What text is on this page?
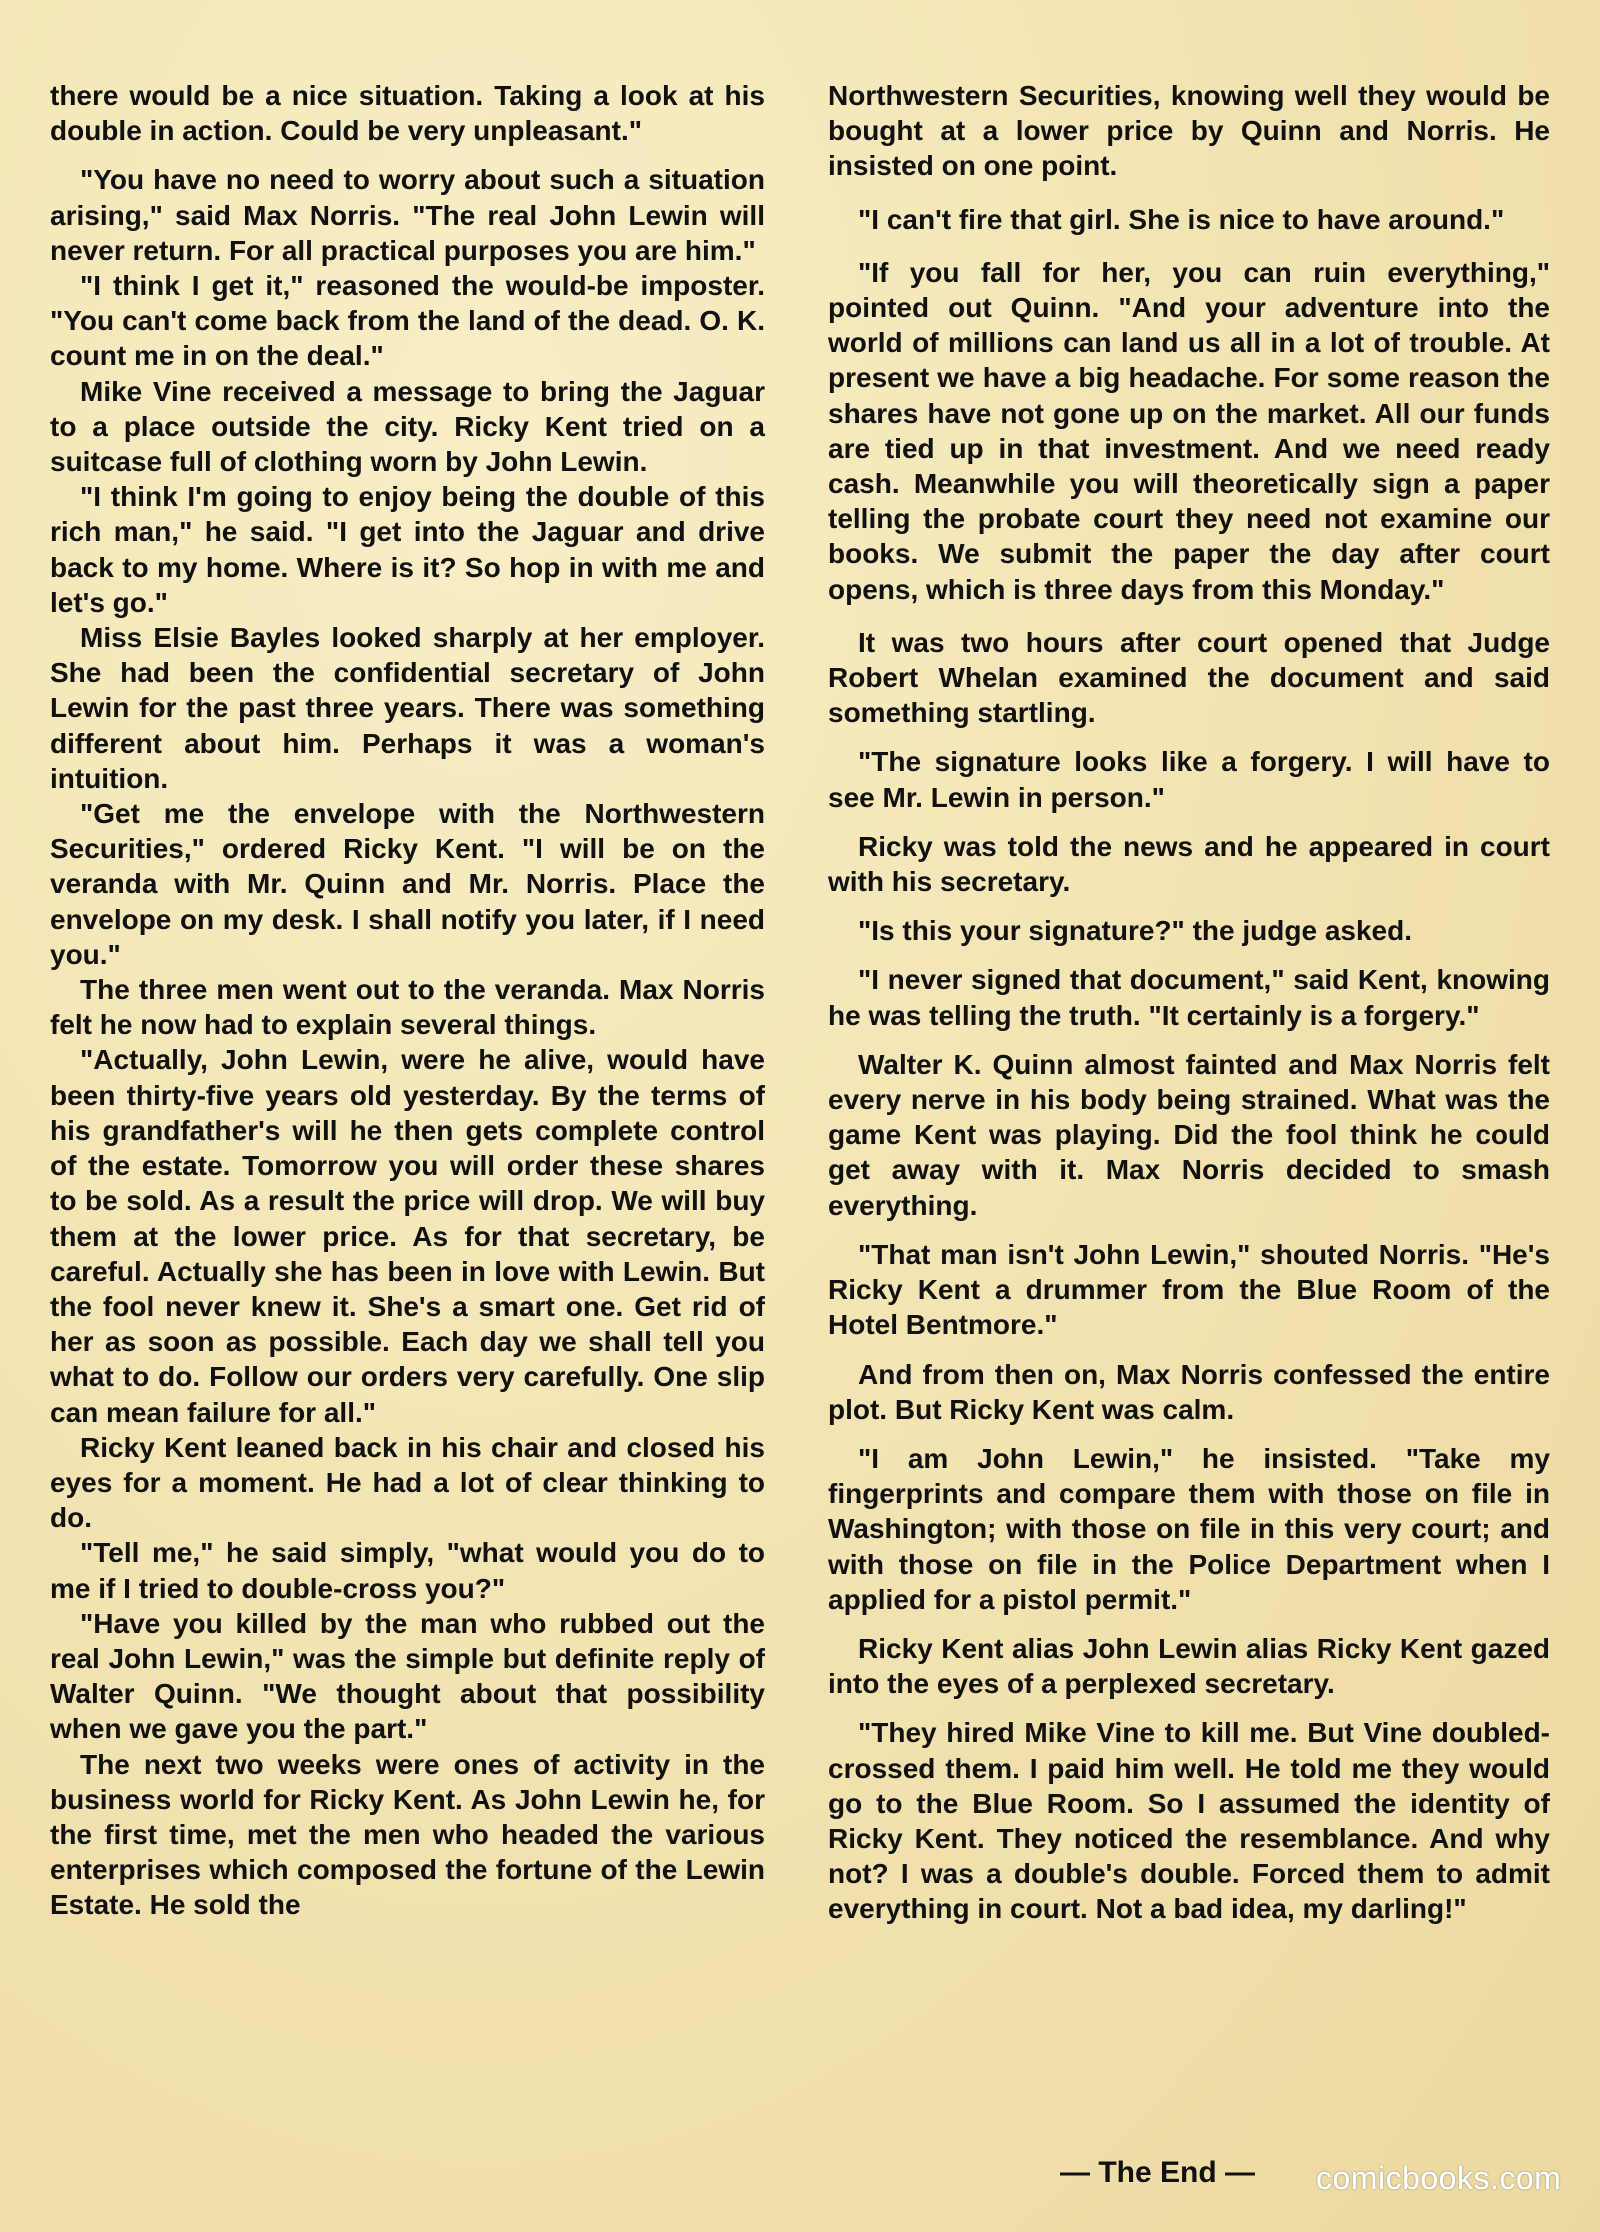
there would be a nice situation. Taking a look at his double in action. Could be very unpleasant."

"You have no need to worry about such a situation arising," said Max Norris. "The real John Lewin will never return. For all practical purposes you are him."

"I think I get it," reasoned the would-be imposter. "You can't come back from the land of the dead. O. K. count me in on the deal."

Mike Vine received a message to bring the Jaguar to a place outside the city. Ricky Kent tried on a suitcase full of clothing worn by John Lewin.

"I think I'm going to enjoy being the double of this rich man," he said. "I get into the Jaguar and drive back to my home. Where is it? So hop in with me and let's go."

Miss Elsie Bayles looked sharply at her employer. She had been the confidential secretary of John Lewin for the past three years. There was something different about him. Perhaps it was a woman's intuition.

"Get me the envelope with the Northwestern Securities," ordered Ricky Kent. "I will be on the veranda with Mr. Quinn and Mr. Norris. Place the envelope on my desk. I shall notify you later, if I need you."

The three men went out to the veranda. Max Norris felt he now had to explain several things.

"Actually, John Lewin, were he alive, would have been thirty-five years old yesterday. By the terms of his grandfather's will he then gets complete control of the estate. Tomorrow you will order these shares to be sold. As a result the price will drop. We will buy them at the lower price. As for that secretary, be careful. Actually she has been in love with Lewin. But the fool never knew it. She's a smart one. Get rid of her as soon as possible. Each day we shall tell you what to do. Follow our orders very carefully. One slip can mean failure for all."

Ricky Kent leaned back in his chair and closed his eyes for a moment. He had a lot of clear thinking to do.

"Tell me," he said simply, "what would you do to me if I tried to double-cross you?"

"Have you killed by the man who rubbed out the real John Lewin," was the simple but definite reply of Walter Quinn. "We thought about that possibility when we gave you the part."

The next two weeks were ones of activity in the business world for Ricky Kent. As John Lewin he, for the first time, met the men who headed the various enterprises which composed the fortune of the Lewin Estate. He sold the

Northwestern Securities, knowing well they would be bought at a lower price by Quinn and Norris. He insisted on one point.

"I can't fire that girl. She is nice to have around."

"If you fall for her, you can ruin everything," pointed out Quinn. "And your adventure into the world of millions can land us all in a lot of trouble. At present we have a big headache. For some reason the shares have not gone up on the market. All our funds are tied up in that investment. And we need ready cash. Meanwhile you will theoretically sign a paper telling the probate court they need not examine our books. We submit the paper the day after court opens, which is three days from this Monday."

It was two hours after court opened that Judge Robert Whelan examined the document and said something startling.

"The signature looks like a forgery. I will have to see Mr. Lewin in person."

Ricky was told the news and he appeared in court with his secretary.

"Is this your signature?" the judge asked.

"I never signed that document," said Kent, knowing he was telling the truth. "It certainly is a forgery."

Walter K. Quinn almost fainted and Max Norris felt every nerve in his body being strained. What was the game Kent was playing. Did the fool think he could get away with it. Max Norris decided to smash everything.

"That man isn't John Lewin," shouted Norris. "He's Ricky Kent a drummer from the Blue Room of the Hotel Bentmore."

And from then on, Max Norris confessed the entire plot. But Ricky Kent was calm.

"I am John Lewin," he insisted. "Take my fingerprints and compare them with those on file in Washington; with those on file in this very court; and with those on file in the Police Department when I applied for a pistol permit."

Ricky Kent alias John Lewin alias Ricky Kent gazed into the eyes of a perplexed secretary.

"They hired Mike Vine to kill me. But Vine doubled-crossed them. I paid him well. He told me they would go to the Blue Room. So I assumed the identity of Ricky Kent. They noticed the resemblance. And why not? I was a double's double. Forced them to admit everything in court. Not a bad idea, my darling!"

— The End — comicbooks.com
